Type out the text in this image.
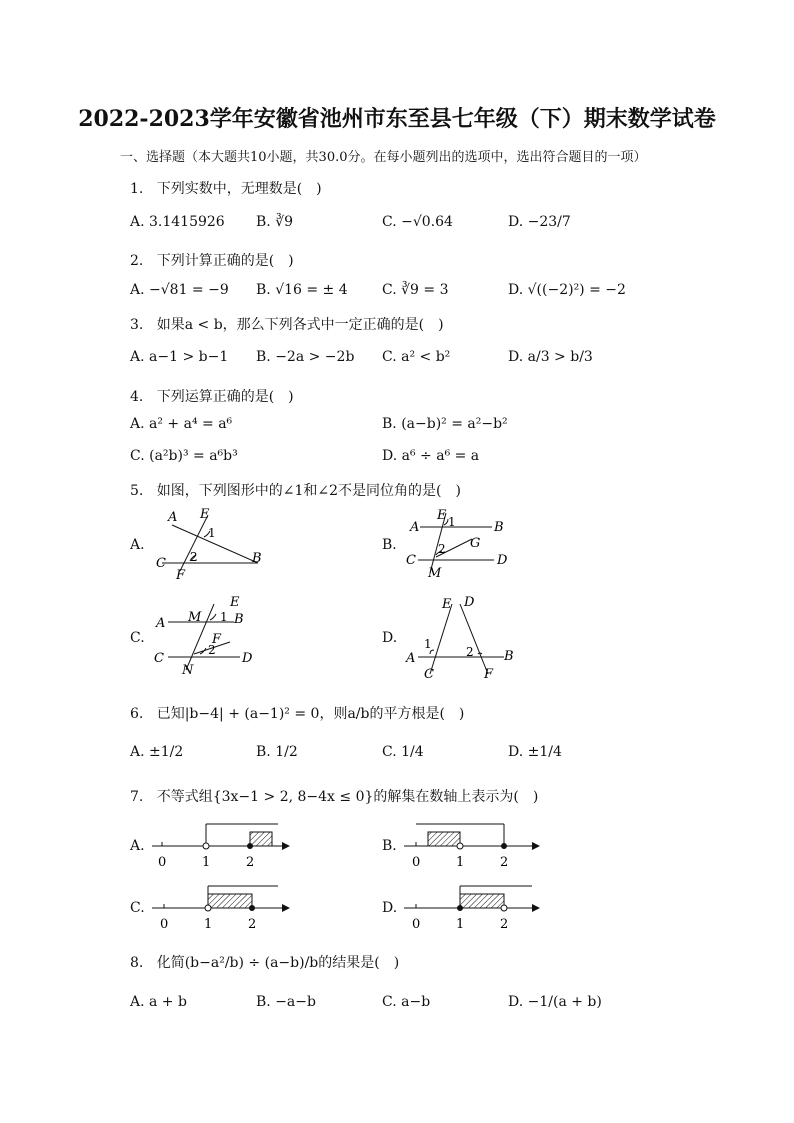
2022-2023学年安徽省池州市东至县七年级（下）期末数学试卷
一、选择题（本大题共10小题，共30.0分。在每小题列出的选项中，选出符合题目的一项）
1. 下列实数中，无理数是(　)
A. 3.1415926 B. ∛9	C. −√0.64	D. −23/7
2. 下列计算正确的是(　)
A. −√81 = −9 B. √16 = ± 4 C. ∛9 = 3	D. √((−2)²) = −2
3. 如果a < b，那么下列各式中一定正确的是(　)
A. a−1 > b−1 B. −2a > −2b C. a² < b²	D. a/3 > b/3
4. 下列运算正确的是(　)
A. a² + a⁴ = a⁶	B. (a−b)² = a²−b²
C. (a²b)³ = a⁶b³	D. a⁶ ÷ a⁶ = a
5. 如图，下列图形中的∠1和∠2不是同位角的是(　)
A.
A E
1
2
C
F
B
B.
A
E 1	B
G
2
C
M
D
C.
E
M 1 B
A
F
2
C
N
D
D.
E D
1
2
A	B
C	F
6. 已知|b−4| + (a−1)² = 0，则a/b的平方根是(　)
A. ±1/2	B. 1/2	C. 1/4	D. ±1/4
7. 不等式组{3x−1 > 2, 8−4x ≤ 0}的解集在数轴上表示为(　)
A.
0	1	2
B.
0	1	2
C.
0	1	2
D.
0	1	2
8. 化简(b−a²/b) ÷ (a−b)/b的结果是(　)
A. a + b	B. −a−b	C. a−b	D. −1/(a + b)
